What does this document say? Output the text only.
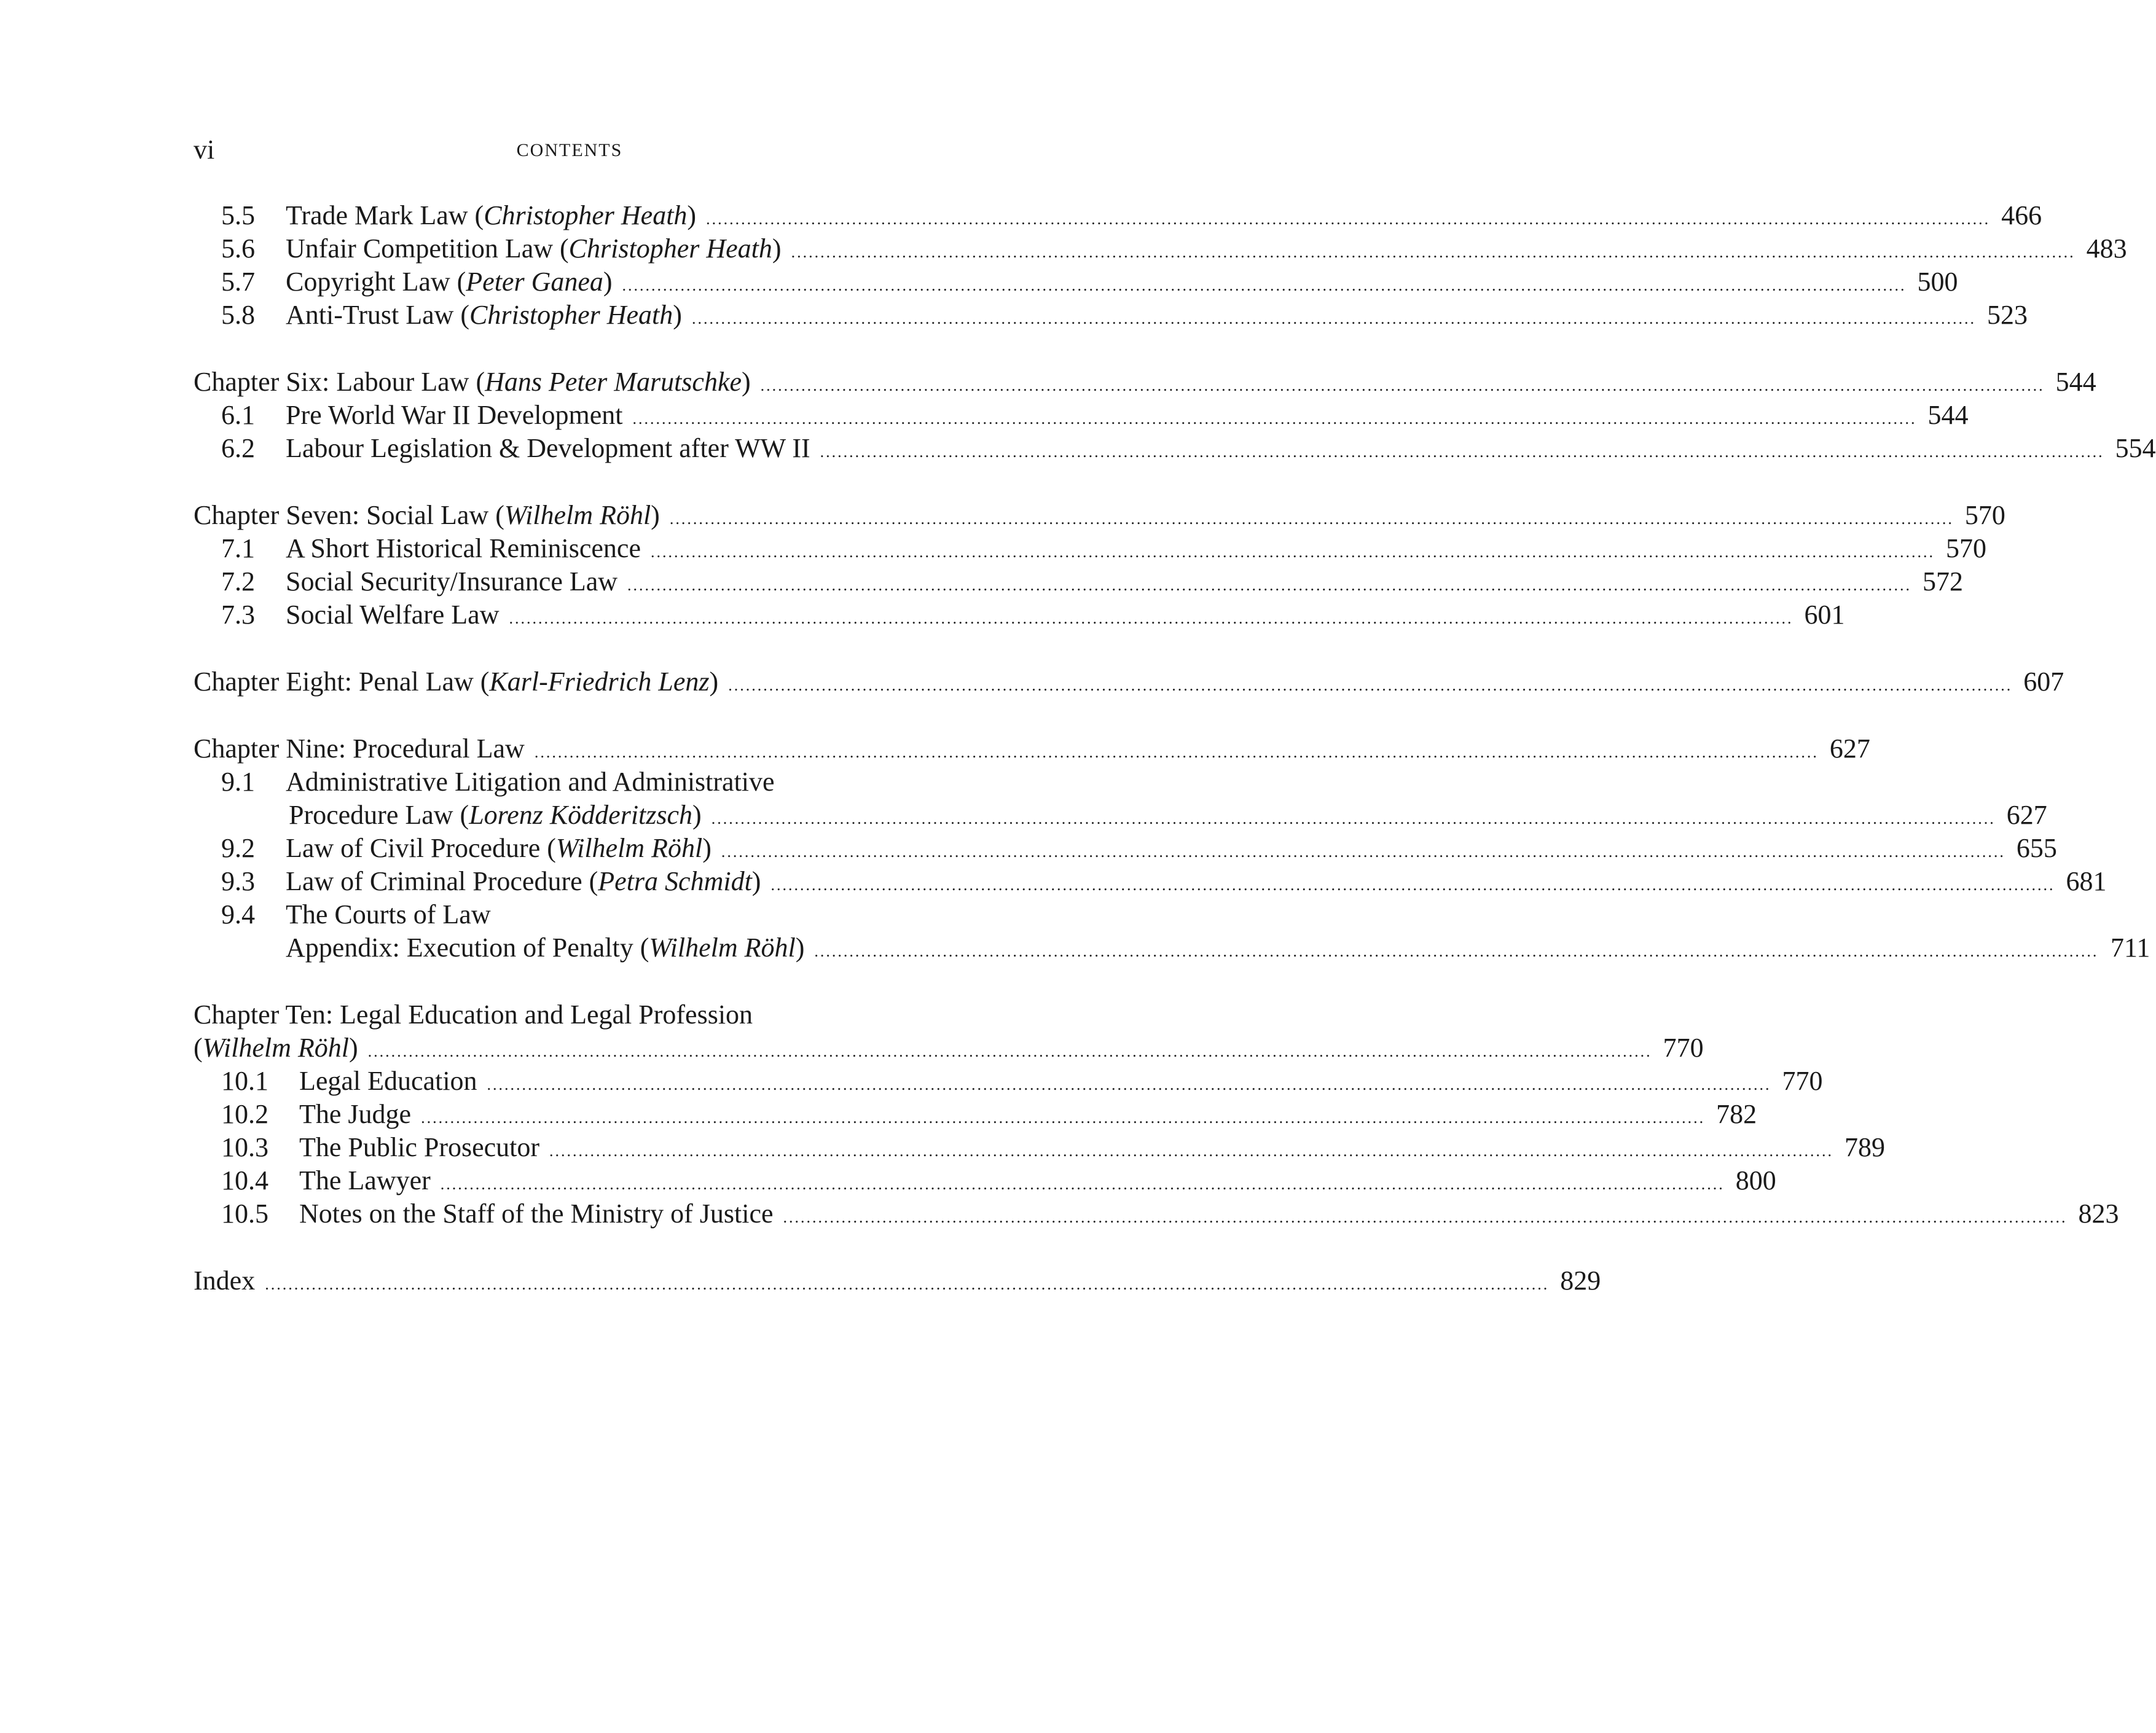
vi	CONTENTS
5.5	Trade Mark Law (Christopher Heath) ............................................................................................................................................................................................................................ 466
5.6	Unfair Competition Law (Christopher Heath) ............................................................................................................................................................................................................................ 483
5.7	Copyright Law (Peter Ganea) ............................................................................................................................................................................................................................ 500
5.8	Anti-Trust Law (Christopher Heath) ............................................................................................................................................................................................................................ 523
Chapter Six: Labour Law (Hans Peter Marutschke) ............................................................................................................................................................................................................................ 544
6.1	Pre World War II Development ............................................................................................................................................................................................................................ 544
6.2	Labour Legislation & Development after WW II ............................................................................................................................................................................................................................ 554
Chapter Seven: Social Law (Wilhelm Röhl) ............................................................................................................................................................................................................................ 570
7.1	A Short Historical Reminiscence ............................................................................................................................................................................................................................ 570
7.2	Social Security/Insurance Law ............................................................................................................................................................................................................................ 572
7.3	Social Welfare Law ............................................................................................................................................................................................................................ 601
Chapter Eight: Penal Law (Karl-Friedrich Lenz) ............................................................................................................................................................................................................................ 607
Chapter Nine: Procedural Law ............................................................................................................................................................................................................................ 627
9.1	Administrative Litigation and Administrative
Procedure Law (Lorenz Ködderitzsch) ............................................................................................................................................................................................................................ 627
9.2	Law of Civil Procedure (Wilhelm Röhl) ............................................................................................................................................................................................................................ 655
9.3	Law of Criminal Procedure (Petra Schmidt) ............................................................................................................................................................................................................................ 681
9.4	The Courts of Law
Appendix: Execution of Penalty (Wilhelm Röhl) ............................................................................................................................................................................................................................ 711
Chapter Ten: Legal Education and Legal Profession
(Wilhelm Röhl) ............................................................................................................................................................................................................................ 770
10.1	Legal Education ............................................................................................................................................................................................................................ 770
10.2	The Judge ............................................................................................................................................................................................................................ 782
10.3	The Public Prosecutor ............................................................................................................................................................................................................................ 789
10.4	The Lawyer ............................................................................................................................................................................................................................ 800
10.5	Notes on the Staff of the Ministry of Justice ............................................................................................................................................................................................................................ 823
Index ............................................................................................................................................................................................................................ 829
